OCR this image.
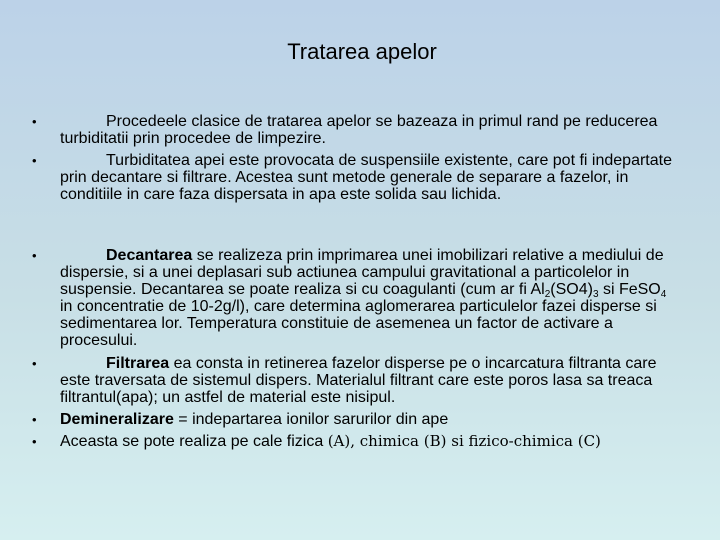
Tratarea apelor
•	Procedeele clasice de tratarea apelor se bazeaza in primul rand pe reducerea turbiditatii prin procedee de limpezire.
•	Turbiditatea apei este provocata de suspensiile existente, care pot fi indepartate prin decantare si filtrare. Acestea sunt metode generale de separare a fazelor, in conditiile in care faza dispersata in apa este solida sau lichida.
•	Decantarea se realizeza prin imprimarea unei imobilizari relative a mediului de dispersie, si a unei deplasari sub actiunea campului gravitational a particolelor in suspensie. Decantarea se poate realiza si cu coagulanti (cum ar fi $Al_2(SO4)_3$ si FeSO$_4$ in concentratie de 10-2g/l), care determina aglomerarea particulelor fazei disperse si sedimentarea lor. Temperatura constituie de asemenea un factor de activare a procesului.
•	Filtrarea ea consta in retinerea fazelor disperse pe o incarcatura filtranta care este traversata de sistemul dispers. Materialul filtrant care este poros lasa sa treaca filtrantul(apa); un astfel de material este nisipul.
• Demineralizare = indepartarea ionilor sarurilor din ape
• Aceasta se pote realiza pe cale fizica (A), chimica (B) si fizico-chimica (C)
